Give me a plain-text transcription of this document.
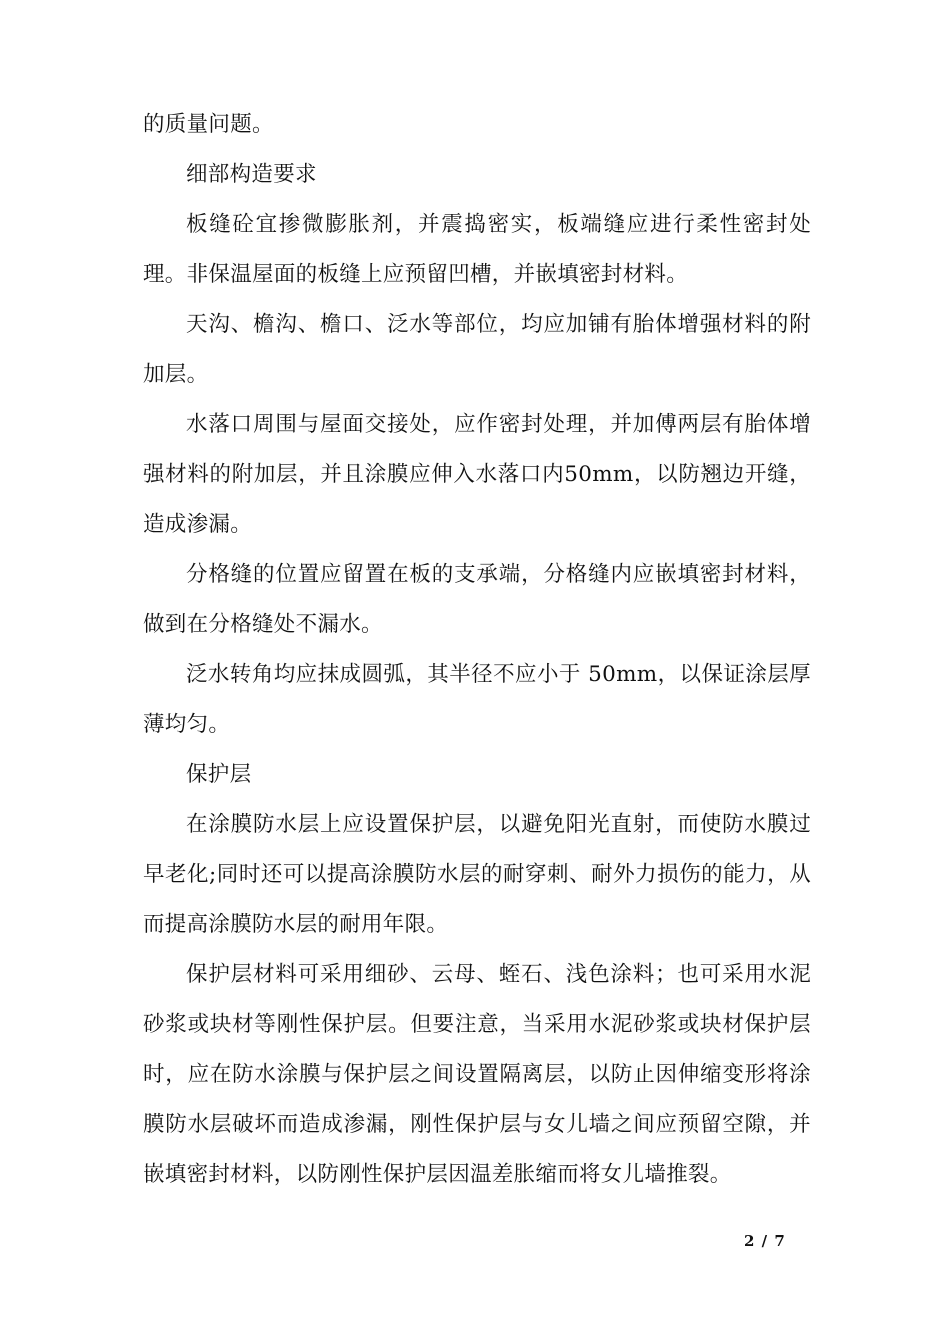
的质量问题。

细部构造要求

板缝砼宜掺微膨胀剂，并震捣密实，板端缝应进行柔性密封处理。非保温屋面的板缝上应预留凹槽，并嵌填密封材料。

天沟、檐沟、檐口、泛水等部位，均应加铺有胎体增强材料的附加层。

水落口周围与屋面交接处，应作密封处理，并加傅两层有胎体增强材料的附加层，并且涂膜应伸入水落口内50mm，以防翘边开缝，造成渗漏。

分格缝的位置应留置在板的支承端，分格缝内应嵌填密封材料，做到在分格缝处不漏水。

泛水转角均应抹成圆弧，其半径不应小于 50mm，以保证涂层厚薄均匀。

保护层

在涂膜防水层上应设置保护层，以避免阳光直射，而使防水膜过早老化;同时还可以提高涂膜防水层的耐穿刺、耐外力损伤的能力，从而提高涂膜防水层的耐用年限。

保护层材料可采用细砂、云母、蛭石、浅色涂料；也可采用水泥砂浆或块材等刚性保护层。但要注意，当采用水泥砂浆或块材保护层时，应在防水涂膜与保护层之间设置隔离层，以防止因伸缩变形将涂膜防水层破坏而造成渗漏，刚性保护层与女儿墙之间应预留空隙，并嵌填密封材料，以防刚性保护层因温差胀缩而将女儿墙推裂。

2 / 7
